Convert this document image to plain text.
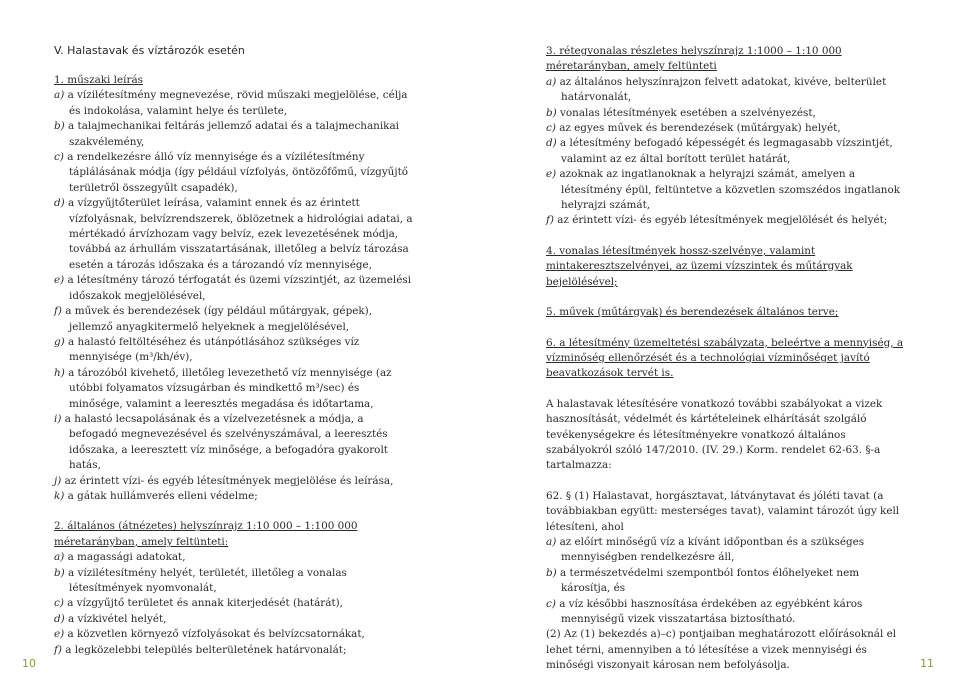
V. Halastavak és víztározók esetén

1. műszaki leírás

a) a vízilétesítmény megnevezése, rövid műszaki megjelölése, célja és indokolása, valamint helye és területe,

b) a talajmechanikai feltárás jellemző adatai és a talajmechanikai szakvélemény,

c) a rendelkezésre álló víz mennyisége és a vízilétesítmény táplálásának módja (így például vízfolyás, öntözőfőmű, vízgyűjtő területről összegyűlt csapadék),

d) a vízgyűjtőterület leírása, valamint ennek és az érintett vízfolyásnak, belvízrendszerek, öblözetnek a hidrológiai adatai, a mértékadó árvízhozam vagy belvíz, ezek levezetésének módja, továbbá az árhullám visszatartásának, illetőleg a belvíz tározása esetén a tározás időszaka és a tározandó víz mennyisége,

e) a létesítmény tározó térfogatát és üzemi vízszintjét, az üzemelési időszakok megjelölésével,

f) a művek és berendezések (így például műtárgyak, gépek), jellemző anyagkitermelő helyeknek a megjelölésével,

g) a halastó feltöltéséhez és utánpótlásához szükséges víz mennyisége (m³/kh/év),

h) a tározóból kivehető, illetőleg levezethető víz mennyisége (az utóbbi folyamatos vízsugárban és mindkettő m³/sec) és minősége, valamint a leeresztés megadása és időtartama,

i) a halastó lecsapolásának és a vízelvezetésnek a módja, a befogadó megnevezésével és szelvényszámával, a leeresztés időszaka, a leeresztett víz minősége, a befogadóra gyakorolt hatás,

j) az érintett vízi- és egyéb létesítmények megjelölése és leírása,

k) a gátak hullámverés elleni védelme;

2. általános (átnézetes) helyszínrajz 1:10 000 – 1:100 000 méretarányban, amely feltünteti:

a) a magassági adatokat,

b) a vízilétesítmény helyét, területét, illetőleg a vonalas létesítmények nyomvonalát,

c) a vízgyűjtő területet és annak kiterjedését (határát),

d) a vízkivétel helyét,

e) a közvetlen környező vízfolyásokat és belvízcsatornákat,

f) a legközelebbi település belterületének határvonalát;

10

3. rétegvonalas részletes helyszínrajz 1:1000 – 1:10 000 méretarányban, amely feltünteti

a) az általános helyszínrajzon felvett adatokat, kivéve, belterület határvonalát,

b) vonalas létesítmények esetében a szelvényezést,

c) az egyes művek és berendezések (műtárgyak) helyét,

d) a létesítmény befogadó képességét és legmagasabb vízszintjét, valamint az ez által borított terület határát,

e) azoknak az ingatlanoknak a helyrajzi számát, amelyen a létesítmény épül, feltüntetve a közvetlen szomszédos ingatlanok helyrajzi számát,

f) az érintett vízi- és egyéb létesítmények megjelölését és helyét;

4. vonalas létesítmények hossz-szelvénye, valamint mintakeresztszelvényei, az üzemi vízszintek és műtárgyak bejelölésével;

5. művek (műtárgyak) és berendezések általános terve;

6. a létesítmény üzemeltetési szabályzata, beleértve a mennyiség, a vízminőség ellenőrzését és a technológiai vízminőséget javító beavatkozások tervét is.

A halastavak létesítésére vonatkozó további szabályokat a vizek hasznosítását, védelmét és kártételeinek elhárítását szolgáló tevékenységekre és létesítményekre vonatkozó általános szabályokról szóló 147/2010. (IV. 29.) Korm. rendelet 62-63. §-a tartalmazza:

62. § (1) Halastavat, horgásztavat, látványtavat és jóléti tavat (a továbbiakban együtt: mesterséges tavat), valamint tározót úgy kell létesíteni, ahol

a) az előírt minőségű víz a kívánt időpontban és a szükséges mennyiségben rendelkezésre áll,

b) a természetvédelmi szempontból fontos élőhelyeket nem károsítja, és

c) a víz későbbi hasznosítása érdekében az egyébként káros mennyiségű vizek visszatartása biztosítható.

(2) Az (1) bekezdés a)–c) pontjaiban meghatározott előírásoknál el lehet térni, amennyiben a tó létesítése a vizek mennyiségi és minőségi viszonyait károsan nem befolyásolja.	11
